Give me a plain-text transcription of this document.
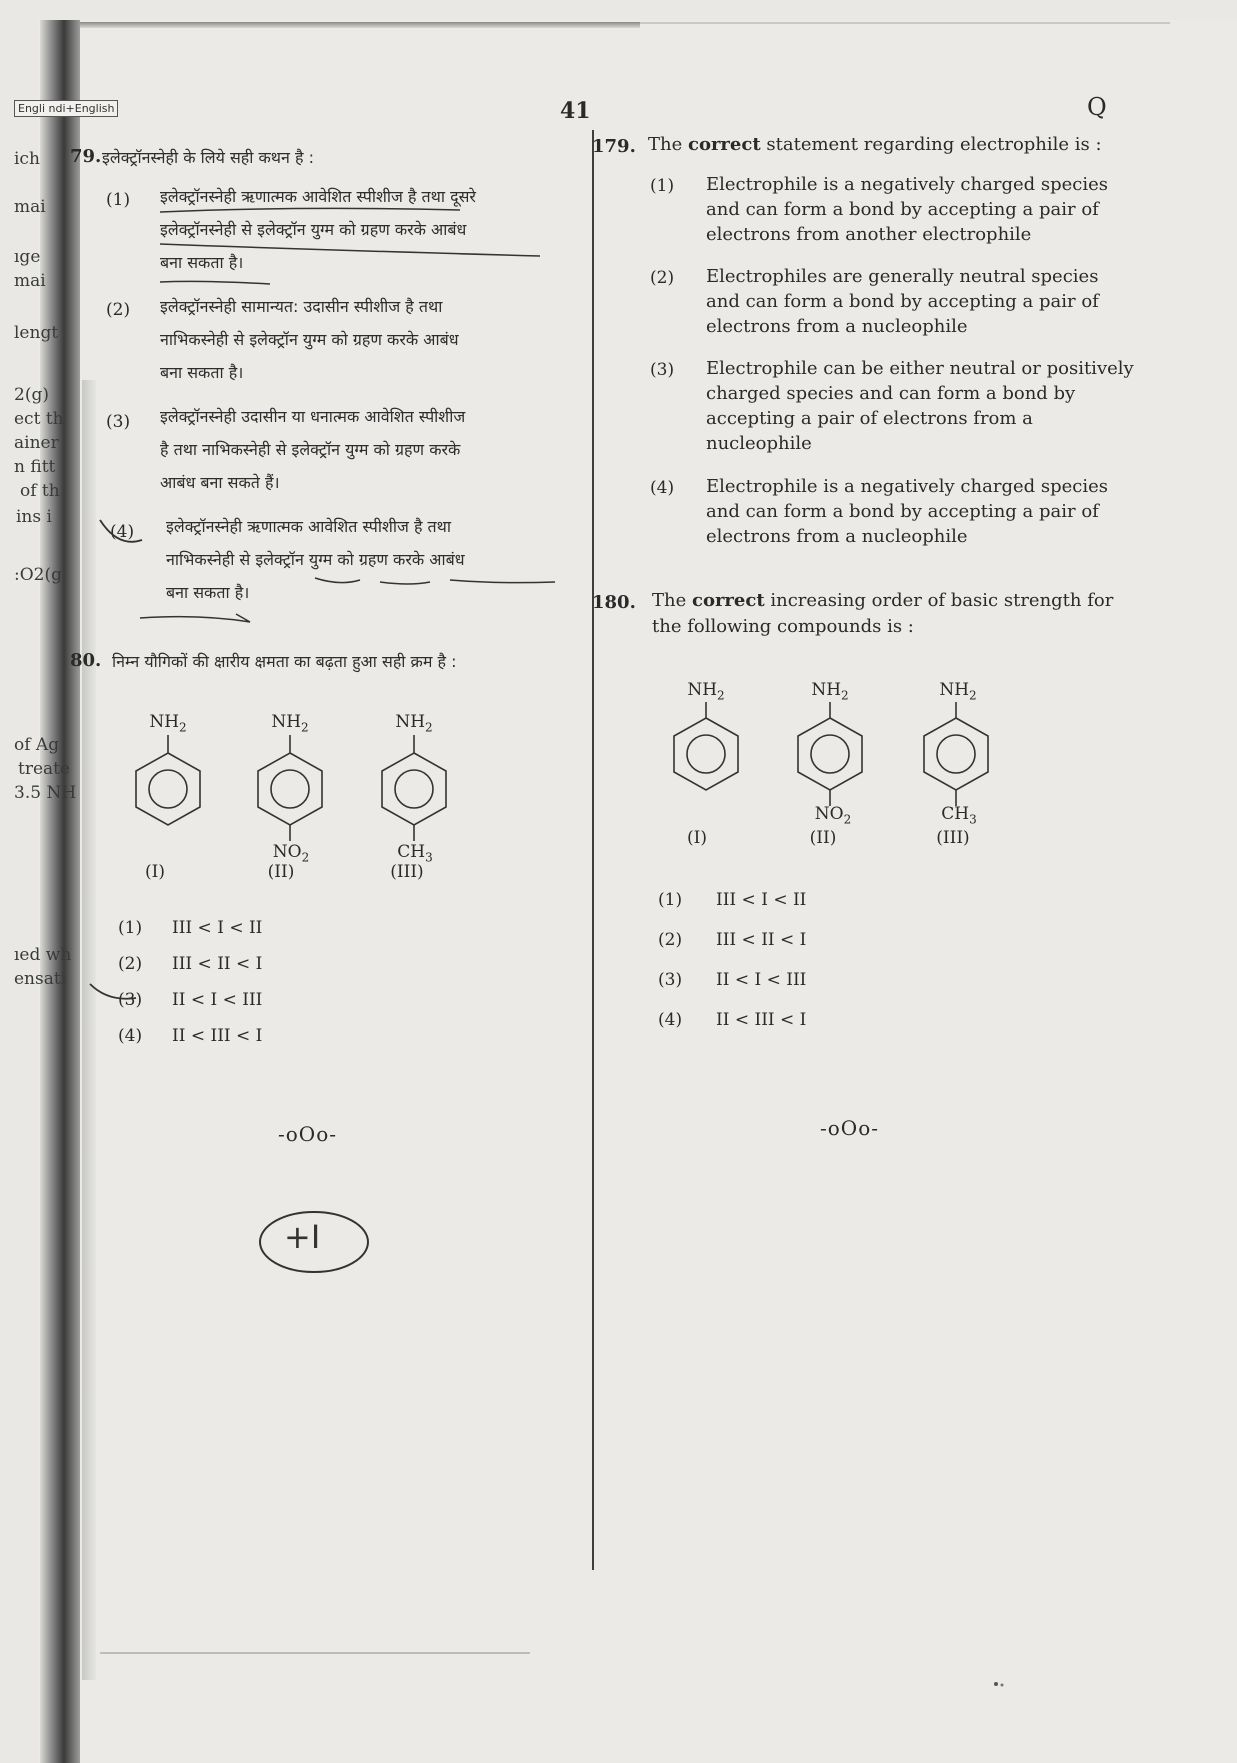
Engli ndi+English	41	Q
ich
mai
ıge
mai
lengt
2(g)
ect th
ainer
n fitt
of th
ins i
:O2(g
of Ag
treate
3.5 NH
ıed wh
ensati
79. इलेक्ट्रॉनस्नेही के लिये सही कथन है :
(1) इलेक्ट्रॉनस्नेही ऋणात्मक आवेशित स्पीशीज है तथा दूसरे
इलेक्ट्रॉनस्नेही से इलेक्ट्रॉन युग्म को ग्रहण करके आबंध
बना सकता है।
(2) इलेक्ट्रॉनस्नेही सामान्यत: उदासीन स्पीशीज है तथा
नाभिकस्नेही से इलेक्ट्रॉन युग्म को ग्रहण करके आबंध
बना सकता है।
(3) इलेक्ट्रॉनस्नेही उदासीन या धनात्मक आवेशित स्पीशीज
है तथा नाभिकस्नेही से इलेक्ट्रॉन युग्म को ग्रहण करके
आबंध बना सकते हैं।
(4) इलेक्ट्रॉनस्नेही ऋणात्मक आवेशित स्पीशीज है तथा
नाभिकस्नेही से इलेक्ट्रॉन युग्म को ग्रहण करके आबंध
बना सकता है।
80. निम्न यौगिकों की क्षारीय क्षमता का बढ़ता हुआ सही क्रम है :
$NH_2$	$NH_2$	$NH_2$
$NO_2$	$CH_3$
(I)	(II)	(III)
(1) III < I < II
(2) III < II < I
(3) II < I < III
(4) II < III < I
-oOo-
+I
179. The correct statement regarding electrophile is :
(1) Electrophile is a negatively charged species
and can form a bond by accepting a pair of
electrons from another electrophile
(2) Electrophiles are generally neutral species
and can form a bond by accepting a pair of
electrons from a nucleophile
(3) Electrophile can be either neutral or positively
charged species and can form a bond by
accepting a pair of electrons from a
nucleophile
(4) Electrophile is a negatively charged species
and can form a bond by accepting a pair of
electrons from a nucleophile
180. The correct increasing order of basic strength for
the following compounds is :
$NH_2$	$NH_2$	$NH_2$
$NO_2$	$CH_3$
(I)	(II)	(III)
(1) III < I < II
(2) III < II < I
(3) II < I < III
(4) II < III < I
-oOo-
